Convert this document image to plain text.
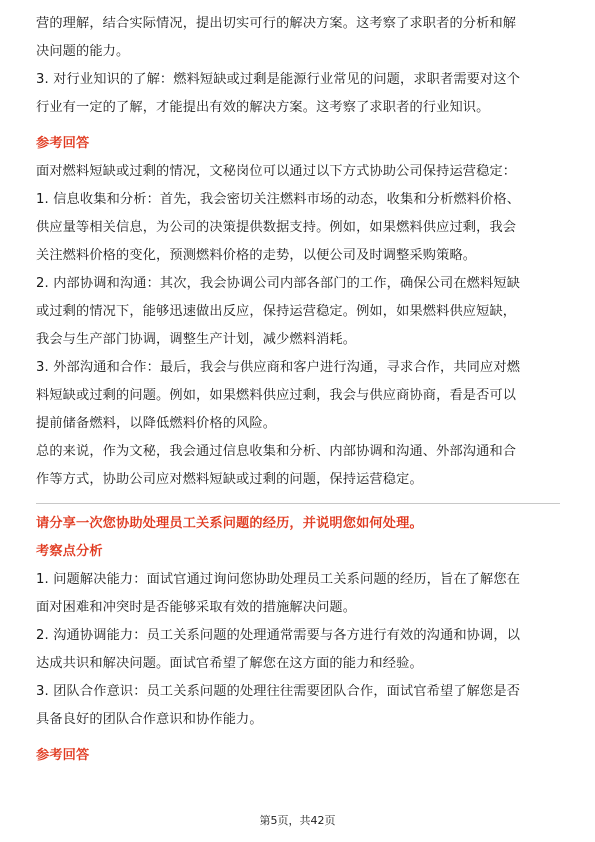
营的理解，结合实际情况，提出切实可行的解决方案。这考察了求职者的分析和解
决问题的能力。
3. 对行业知识的了解：燃料短缺或过剩是能源行业常见的问题，求职者需要对这个
行业有一定的了解，才能提出有效的解决方案。这考察了求职者的行业知识。
参考回答
面对燃料短缺或过剩的情况，文秘岗位可以通过以下方式协助公司保持运营稳定：
1. 信息收集和分析：首先，我会密切关注燃料市场的动态，收集和分析燃料价格、
供应量等相关信息，为公司的决策提供数据支持。例如，如果燃料供应过剩，我会
关注燃料价格的变化，预测燃料价格的走势，以便公司及时调整采购策略。
2. 内部协调和沟通：其次，我会协调公司内部各部门的工作，确保公司在燃料短缺
或过剩的情况下，能够迅速做出反应，保持运营稳定。例如，如果燃料供应短缺，
我会与生产部门协调，调整生产计划，减少燃料消耗。
3. 外部沟通和合作：最后，我会与供应商和客户进行沟通，寻求合作，共同应对燃
料短缺或过剩的问题。例如，如果燃料供应过剩，我会与供应商协商，看是否可以
提前储备燃料，以降低燃料价格的风险。
总的来说，作为文秘，我会通过信息收集和分析、内部协调和沟通、外部沟通和合
作等方式，协助公司应对燃料短缺或过剩的问题，保持运营稳定。
请分享一次您协助处理员工关系问题的经历，并说明您如何处理。
考察点分析
1. 问题解决能力：面试官通过询问您协助处理员工关系问题的经历，旨在了解您在
面对困难和冲突时是否能够采取有效的措施解决问题。
2. 沟通协调能力：员工关系问题的处理通常需要与各方进行有效的沟通和协调，以
达成共识和解决问题。面试官希望了解您在这方面的能力和经验。
3. 团队合作意识：员工关系问题的处理往往需要团队合作，面试官希望了解您是否
具备良好的团队合作意识和协作能力。
参考回答
第5页，共42页
